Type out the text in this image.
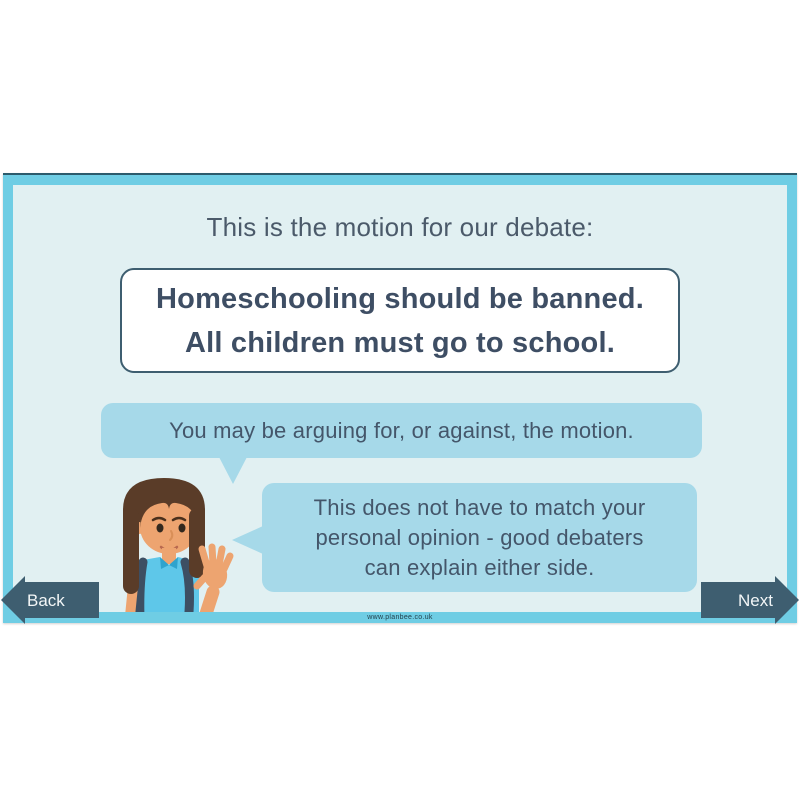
This is the motion for our debate:
Homeschooling should be banned.
All children must go to school.
You may be arguing for, or against, the motion.
This does not have to match your
personal opinion - good debaters
can explain either side.
www.planbee.co.uk
Back	Next
